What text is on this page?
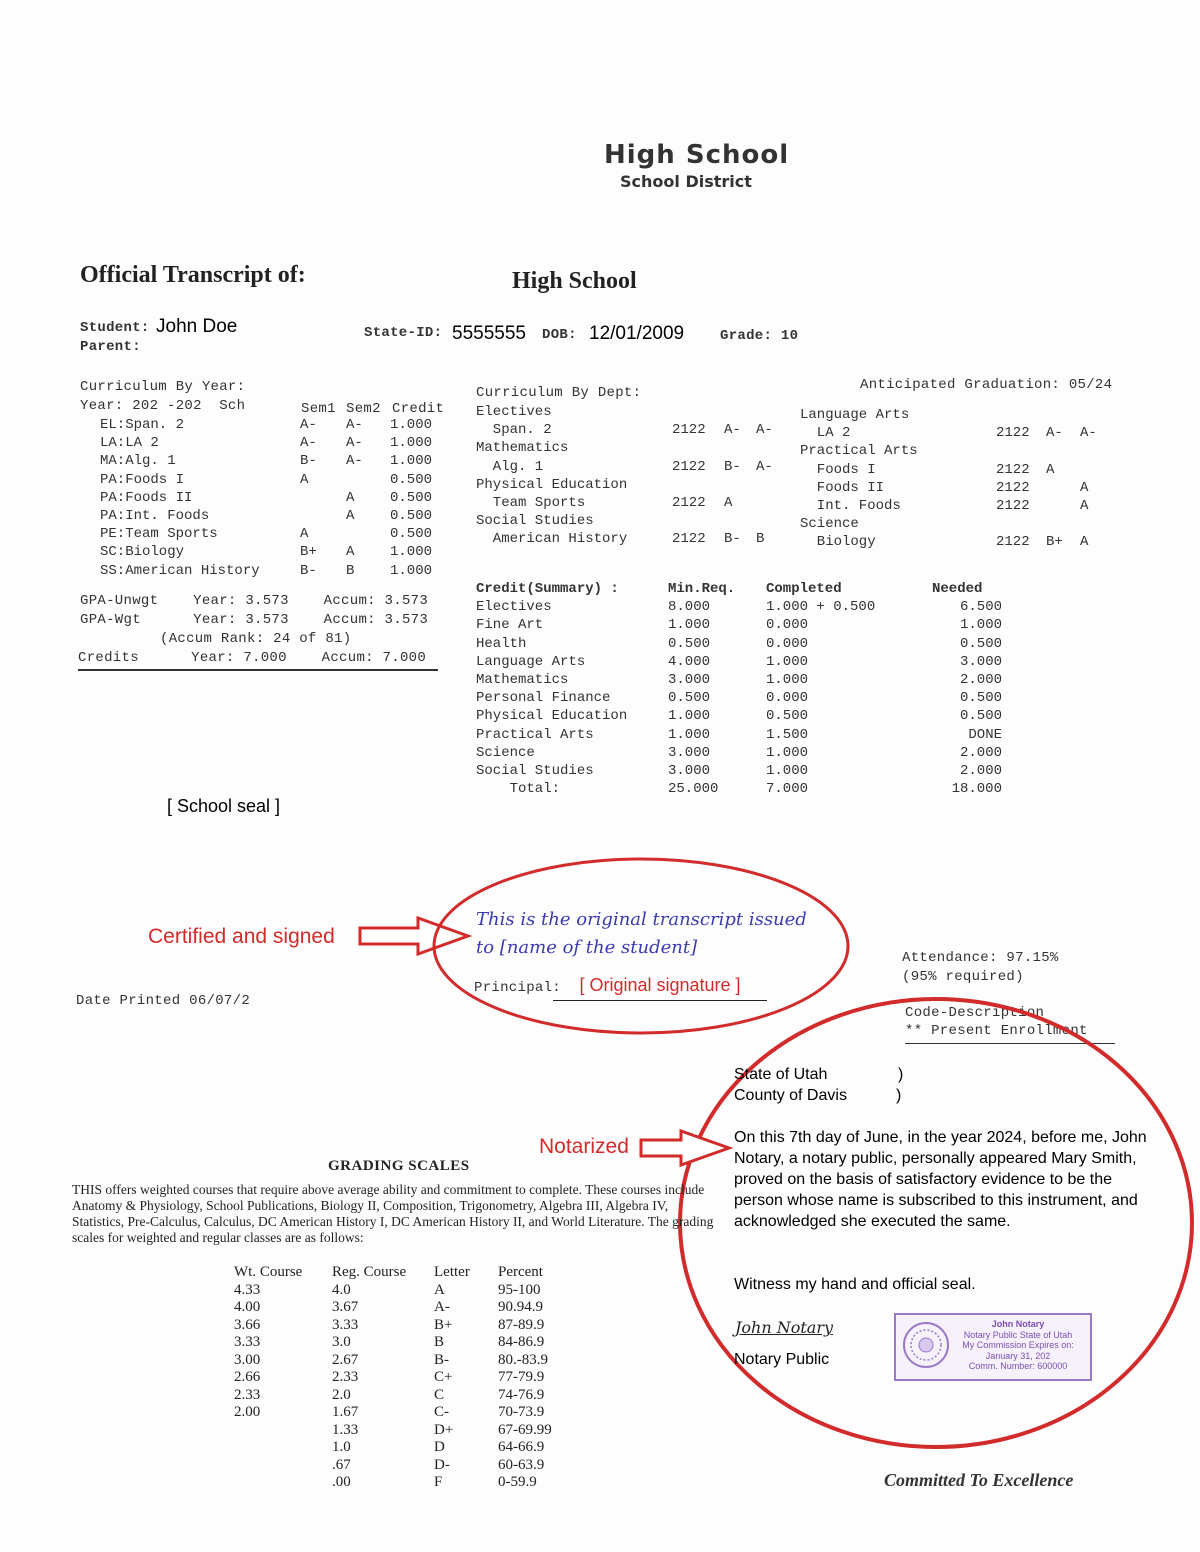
High School
School District
Official Transcript of:	High School
Student: John Doe
Parent:
State-ID: 5555555 DOB: 12/01/2009	Grade: 10
Curriculum By Year:
Year: 202 -202  Sch	Sem1 Sem2 Credit
EL:Span. 2	A-	A-	1.000
LA:LA 2	A-	A-	1.000
MA:Alg. 1	B-	A-	1.000
PA:Foods I	A		0.500
PA:Foods II		A	0.500
PA:Int. Foods		A	0.500
PE:Team Sports	A		0.500
SC:Biology	B+	A	1.000
SS:American History	B-	B	1.000
GPA-Unwgt    Year: 3.573    Accum: 3.573
GPA-Wgt      Year: 3.573    Accum: 3.573
(Accum Rank: 24 of 81)
Credits      Year: 7.000    Accum: 7.000
Curriculum By Dept:	Anticipated Graduation: 05/24
Electives			
Span. 2	2122	A-	A-
Mathematics			
Alg. 1	2122	B-	A-
Physical Education			
Team Sports	2122	A	
Social Studies			
American History	2122	B-	B
Language Arts			
LA 2	2122	A-	A-
Practical Arts			
Foods I	2122	A	
Foods II	2122		A
Int. Foods	2122		A
Science			
Biology	2122	B+	A
Credit(Summary) :	Min.Req.	Completed	Needed
Electives	8.000	1.000 + 0.500	6.500
Fine Art	1.000	0.000	1.000
Health	0.500	0.000	0.500
Language Arts	4.000	1.000	3.000
Mathematics	3.000	1.000	2.000
Personal Finance	0.500	0.000	0.500
Physical Education	1.000	0.500	0.500
Practical Arts	1.000	1.500	DONE
Science	3.000	1.000	2.000
Social Studies	3.000	1.000	2.000
Total:	25.000	7.000	18.000
[ School seal ]
Certified and signed
This is the original transcript issued to [name of the student]
Principal:	[ Original signature ]
Date Printed 06/07/2
Attendance: 97.15%
(95% required)
Code-Description
** Present Enrollment
Notarized
State of Utah	)
County of Davis	)
On this 7th day of June, in the year 2024, before me, John Notary, a notary public, personally appeared Mary Smith, proved on the basis of satisfactory evidence to be the person whose name is subscribed to this instrument, and acknowledged she executed the same.
Witness my hand and official seal.
John Notary
Notary Public
John Notary
Notary Public State of Utah
My Commission Expires on:
January 31, 202
Comm. Number: 600000
GRADING SCALES
THIS offers weighted courses that require above average ability and commitment to complete. These courses include Anatomy & Physiology, School Publications, Biology II, Composition, Trigonometry, Algebra III, Algebra IV, Statistics, Pre-Calculus, Calculus, DC American History I, DC American History II, and World Literature. The grading scales for weighted and regular classes are as follows:
Wt. Course	Reg. Course	Letter	Percent
4.33	4.0	A	95-100
4.00	3.67	A-	90.94.9
3.66	3.33	B+	87-89.9
3.33	3.0	B	84-86.9
3.00	2.67	B-	80.-83.9
2.66	2.33	C+	77-79.9
2.33	2.0	C	74-76.9
2.00	1.67	C-	70-73.9
	1.33	D+	67-69.99
	1.0	D	64-66.9
	.67	D-	60-63.9
	.00	F	0-59.9	Committed To Excellence
